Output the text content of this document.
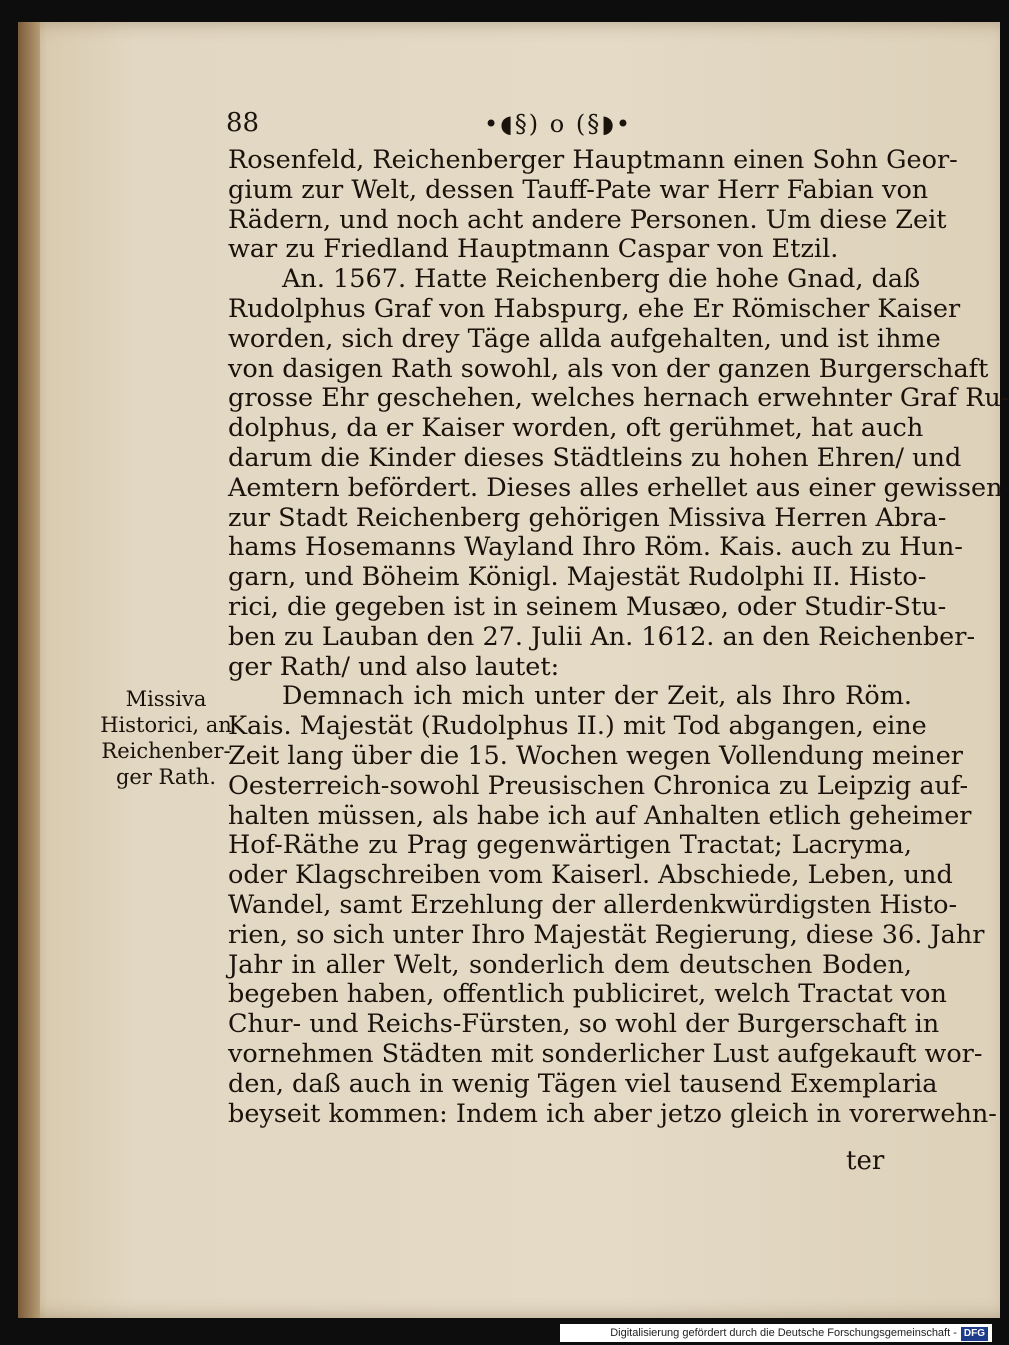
88	•◖§) o (§◗•
Rosenfeld, Reichenberger Hauptmann einen Sohn Geor-
gium zur Welt, dessen Tauff-Pate war Herr Fabian von
Rädern, und noch acht andere Personen. Um diese Zeit
war zu Friedland Hauptmann Caspar von Etzil.
An. 1567. Hatte Reichenberg die hohe Gnad, daß
Rudolphus Graf von Habspurg, ehe Er Römischer Kaiser
worden, sich drey Täge allda aufgehalten, und ist ihme
von dasigen Rath sowohl, als von der ganzen Burgerschaft
grosse Ehr geschehen, welches hernach erwehnter Graf Ru-
dolphus, da er Kaiser worden, oft gerühmet, hat auch
darum die Kinder dieses Städtleins zu hohen Ehren/ und
Aemtern befördert. Dieses alles erhellet aus einer gewissen
zur Stadt Reichenberg gehörigen Missiva Herren Abra-
hams Hosemanns Wayland Ihro Röm. Kais. auch zu Hun-
garn, und Böheim Königl. Majestät Rudolphi II. Histo-
rici, die gegeben ist in seinem Musæo, oder Studir-Stu-
ben zu Lauban den 27. Julii An. 1612. an den Reichenber-
ger Rath/ und also lautet:
Demnach ich mich unter der Zeit, als Ihro Röm.
Kais. Majestät (Rudolphus II.) mit Tod abgangen, eine
Zeit lang über die 15. Wochen wegen Vollendung meiner
Oesterreich-sowohl Preusischen Chronica zu Leipzig auf-
halten müssen, als habe ich auf Anhalten etlich geheimer
Hof-Räthe zu Prag gegenwärtigen Tractat; Lacryma,
oder Klagschreiben vom Kaiserl. Abschiede, Leben, und
Wandel, samt Erzehlung der allerdenkwürdigsten Histo-
rien, so sich unter Ihro Majestät Regierung, diese 36. Jahr
Jahr in aller Welt, sonderlich dem deutschen Boden,
begeben haben, offentlich publiciret, welch Tractat von
Chur- und Reichs-Fürsten, so wohl der Burgerschaft in
vornehmen Städten mit sonderlicher Lust aufgekauft wor-
den, daß auch in wenig Tägen viel tausend Exemplaria
beyseit kommen: Indem ich aber jetzo gleich in vorerwehn-
ter
Missiva
Historici, an
Reichenber-
ger Rath.
Digitalisierung gefördert durch die Deutsche Forschungsgemeinschaft - DFG
